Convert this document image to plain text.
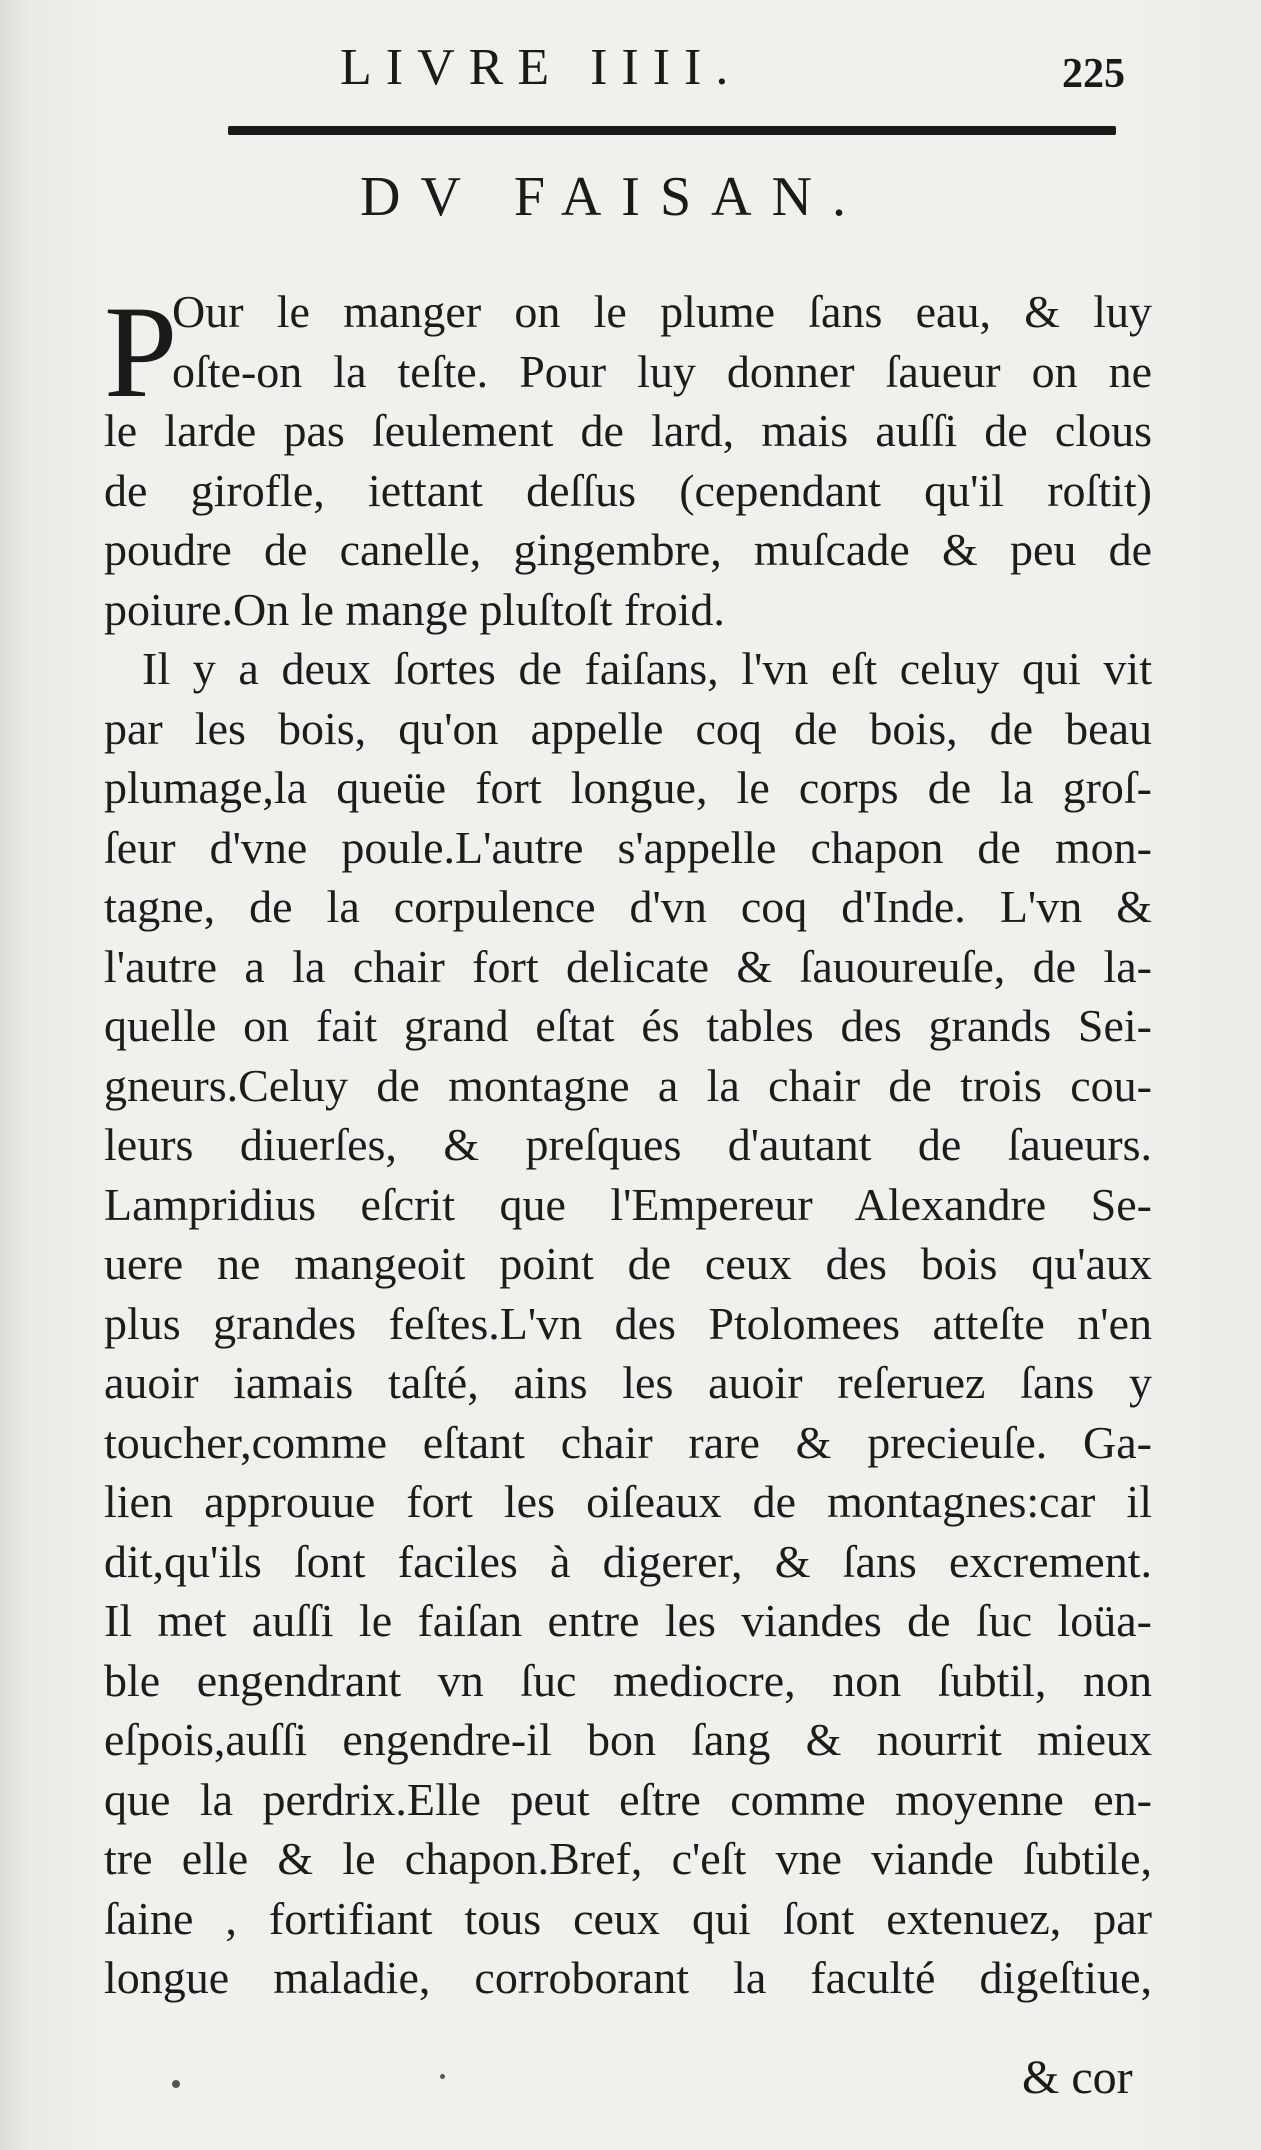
LIVRE IIII.	225
DV FAISAN.
P
Our le manger on le plume ſans eau, & luy
oſte-on la teſte. Pour luy donner ſaueur on ne
le larde pas ſeulement de lard, mais auſſi de clous
de girofle, iettant deſſus (cependant qu'il roſtit)
poudre de canelle, gingembre, muſcade & peu de
poiure.On le mange pluſtoſt froid.
Il y a deux ſortes de faiſans, l'vn eſt celuy qui vit
par les bois, qu'on appelle coq de bois, de beau
plumage,la queüe fort longue, le corps de la groſ-
ſeur d'vne poule.L'autre s'appelle chapon de mon-
tagne, de la corpulence d'vn coq d'Inde. L'vn &
l'autre a la chair fort delicate & ſauoureuſe, de la-
quelle on fait grand eſtat és tables des grands Sei-
gneurs.Celuy de montagne a la chair de trois cou-
leurs diuerſes, & preſques d'autant de ſaueurs.
Lampridius eſcrit que l'Empereur Alexandre Se-
uere ne mangeoit point de ceux des bois qu'aux
plus grandes feſtes.L'vn des Ptolomees atteſte n'en
auoir iamais taſté, ains les auoir reſeruez ſans y
toucher,comme eſtant chair rare & precieuſe. Ga-
lien approuue fort les oiſeaux de montagnes:car il
dit,qu'ils ſont faciles à digerer, & ſans excrement.
Il met auſſi le faiſan entre les viandes de ſuc loüa-
ble engendrant vn ſuc mediocre, non ſubtil, non
eſpois,auſſi engendre-il bon ſang & nourrit mieux
que la perdrix.Elle peut eſtre comme moyenne en-
tre elle & le chapon.Bref, c'eſt vne viande ſubtile,
ſaine , fortifiant tous ceux qui ſont extenuez, par
longue maladie, corroborant la faculté digeſtiue,
& cor
